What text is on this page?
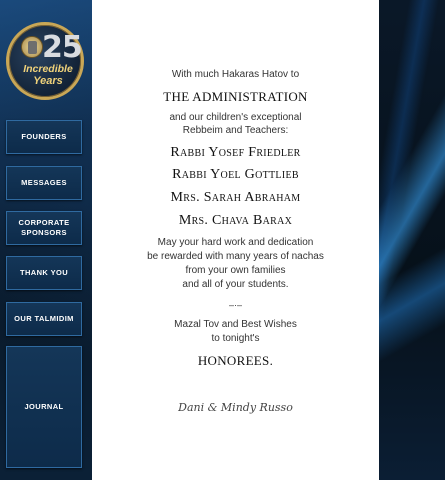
25
Incredible
Years
FOUNDERS
MESSAGES
CORPORATE
SPONSORS
THANK YOU
OUR TALMIDIM
JOURNAL
With much Hakaras Hatov to
THE ADMINISTRATION
and our children's exceptional
Rebbeim and Teachers:
Rabbi Yosef Friedler
Rabbi Yoel Gottlieb
Mrs. Sarah Abraham
Mrs. Chava Barax
May your hard work and dedication
be rewarded with many years of nachas
from your own families
and all of your students.
–·–
Mazal Tov and Best Wishes
to tonight's
HONOREES.
Dani & Mindy Russo
